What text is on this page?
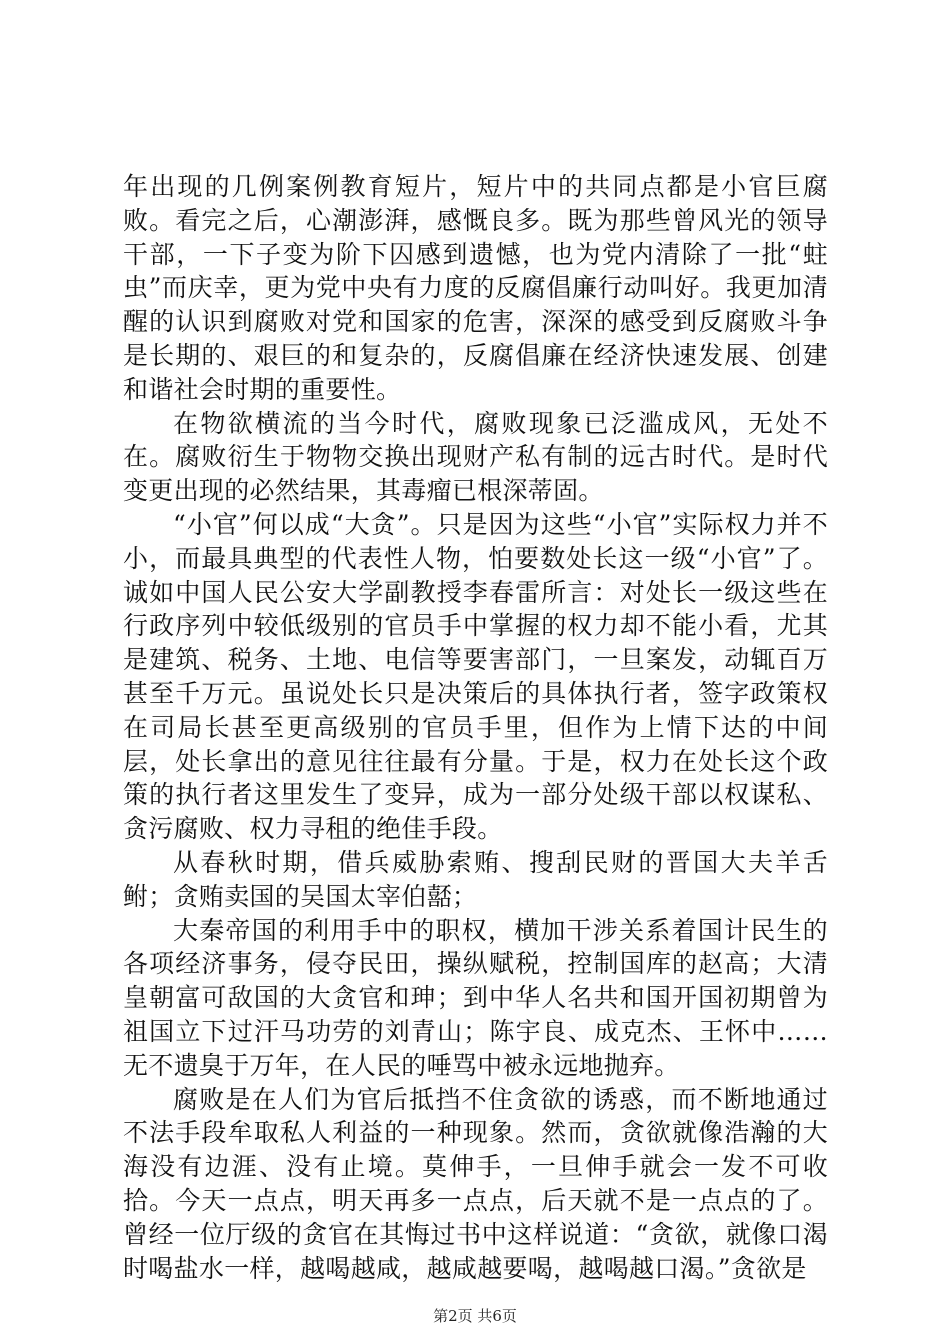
年出现的几例案例教育短片，短片中的共同点都是小官巨腐败。看完之后，心潮澎湃，感慨良多。既为那些曾风光的领导干部，一下子变为阶下囚感到遗憾，也为党内清除了一批“蛀虫”而庆幸，更为党中央有力度的反腐倡廉行动叫好。我更加清醒的认识到腐败对党和国家的危害，深深的感受到反腐败斗争是长期的、艰巨的和复杂的，反腐倡廉在经济快速发展、创建和谐社会时期的重要性。

在物欲横流的当今时代，腐败现象已泛滥成风，无处不在。腐败衍生于物物交换出现财产私有制的远古时代。是时代变更出现的必然结果，其毒瘤已根深蒂固。

“小官”何以成“大贪”。只是因为这些“小官”实际权力并不小，而最具典型的代表性人物，怕要数处长这一级“小官”了。诚如中国人民公安大学副教授李春雷所言：对处长一级这些在行政序列中较低级别的官员手中掌握的权力却不能小看，尤其是建筑、税务、土地、电信等要害部门，一旦案发，动辄百万甚至千万元。虽说处长只是决策后的具体执行者，签字政策权在司局长甚至更高级别的官员手里，但作为上情下达的中间层，处长拿出的意见往往最有分量。于是，权力在处长这个政策的执行者这里发生了变异，成为一部分处级干部以权谋私、贪污腐败、权力寻租的绝佳手段。

从春秋时期，借兵威胁索贿、搜刮民财的晋国大夫羊舌鲋；贪贿卖国的吴国太宰伯嚭；

大秦帝国的利用手中的职权，横加干涉关系着国计民生的各项经济事务，侵夺民田，操纵赋税，控制国库的赵高；大清皇朝富可敌国的大贪官和珅；到中华人名共和国开国初期曾为祖国立下过汗马功劳的刘青山；陈宇良、成克杰、王怀中……无不遗臭于万年，在人民的唾骂中被永远地抛弃。

腐败是在人们为官后抵挡不住贪欲的诱惑，而不断地通过不法手段牟取私人利益的一种现象。然而，贪欲就像浩瀚的大海没有边涯、没有止境。莫伸手，一旦伸手就会一发不可收拾。今天一点点，明天再多一点点，后天就不是一点点的了。曾经一位厅级的贪官在其悔过书中这样说道：“贪欲，就像口渴时喝盐水一样，越喝越咸，越咸越要喝，越喝越口渴。”贪欲是

第2页 共6页
